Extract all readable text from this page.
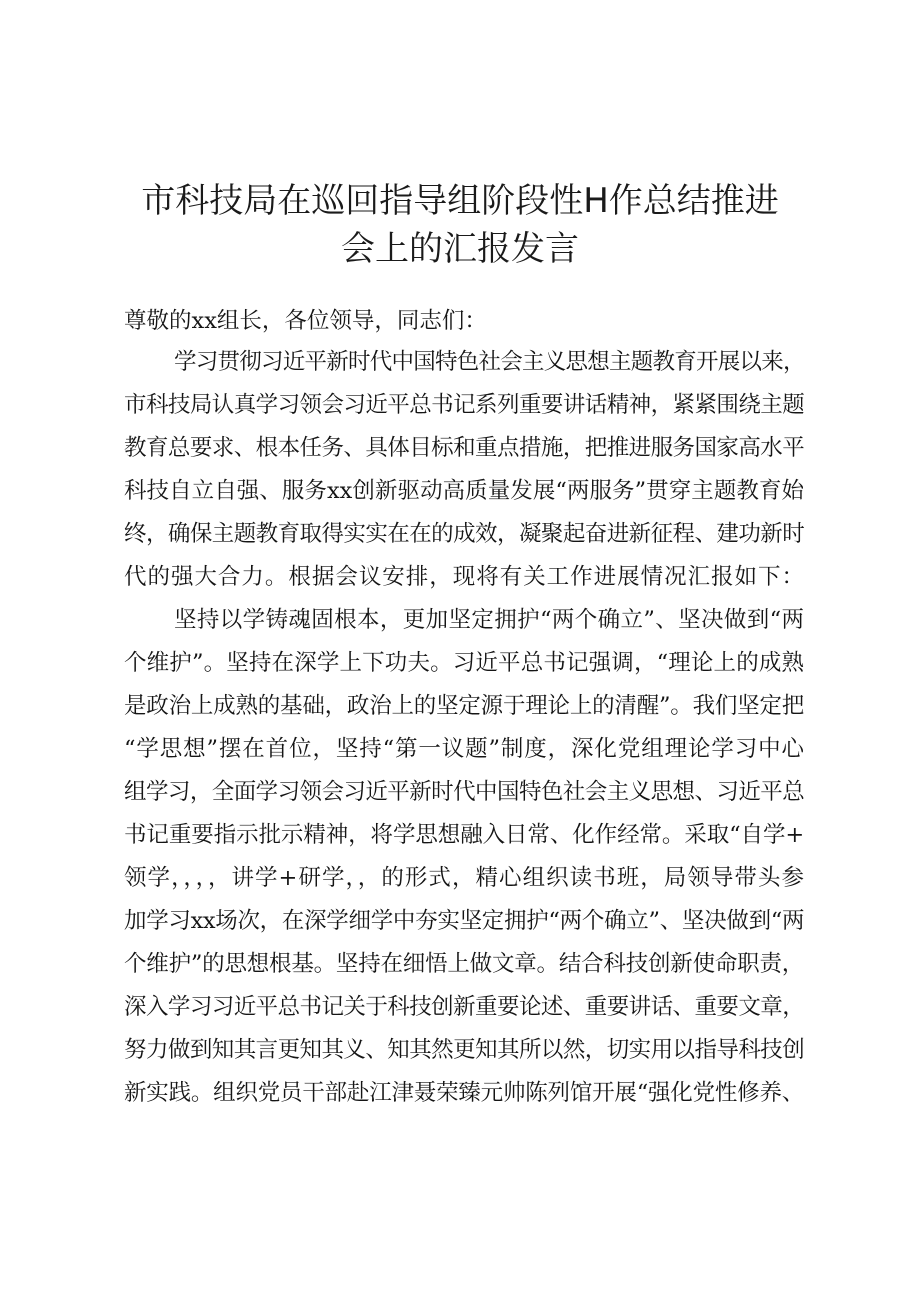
市科技局在巡回指导组阶段性H作总结推进
会上的汇报发言
尊敬的xx组长，各位领导，同志们：
学习贯彻习近平新时代中国特色社会主义思想主题教育开展以来，
市科技局认真学习领会习近平总书记系列重要讲话精神，紧紧围绕主题
教育总要求、根本任务、具体目标和重点措施，把推进服务国家高水平
科技自立自强、服务xx创新驱动高质量发展“两服务”贯穿主题教育始
终，确保主题教育取得实实在在的成效，凝聚起奋进新征程、建功新时
代的强大合力。根据会议安排，现将有关工作进展情况汇报如下：
坚持以学铸魂固根本，更加坚定拥护“两个确立”、坚决做到“两
个维护”。坚持在深学上下功夫。习近平总书记强调，“理论上的成熟
是政治上成熟的基础，政治上的坚定源于理论上的清醒”。我们坚定把
“学思想”摆在首位，坚持“第一议题”制度，深化党组理论学习中心
组学习，全面学习领会习近平新时代中国特色社会主义思想、习近平总
书记重要指示批示精神，将学思想融入日常、化作经常。采取“自学+
领学，，，，讲学+研学，，的形式，精心组织读书班，局领导带头参
加学习xx场次，在深学细学中夯实坚定拥护“两个确立”、坚决做到“两
个维护”的思想根基。坚持在细悟上做文章。结合科技创新使命职责，
深入学习习近平总书记关于科技创新重要论述、重要讲话、重要文章，
努力做到知其言更知其义、知其然更知其所以然，切实用以指导科技创
新实践。组织党员干部赴江津聂荣臻元帅陈列馆开展“强化党性修养、
